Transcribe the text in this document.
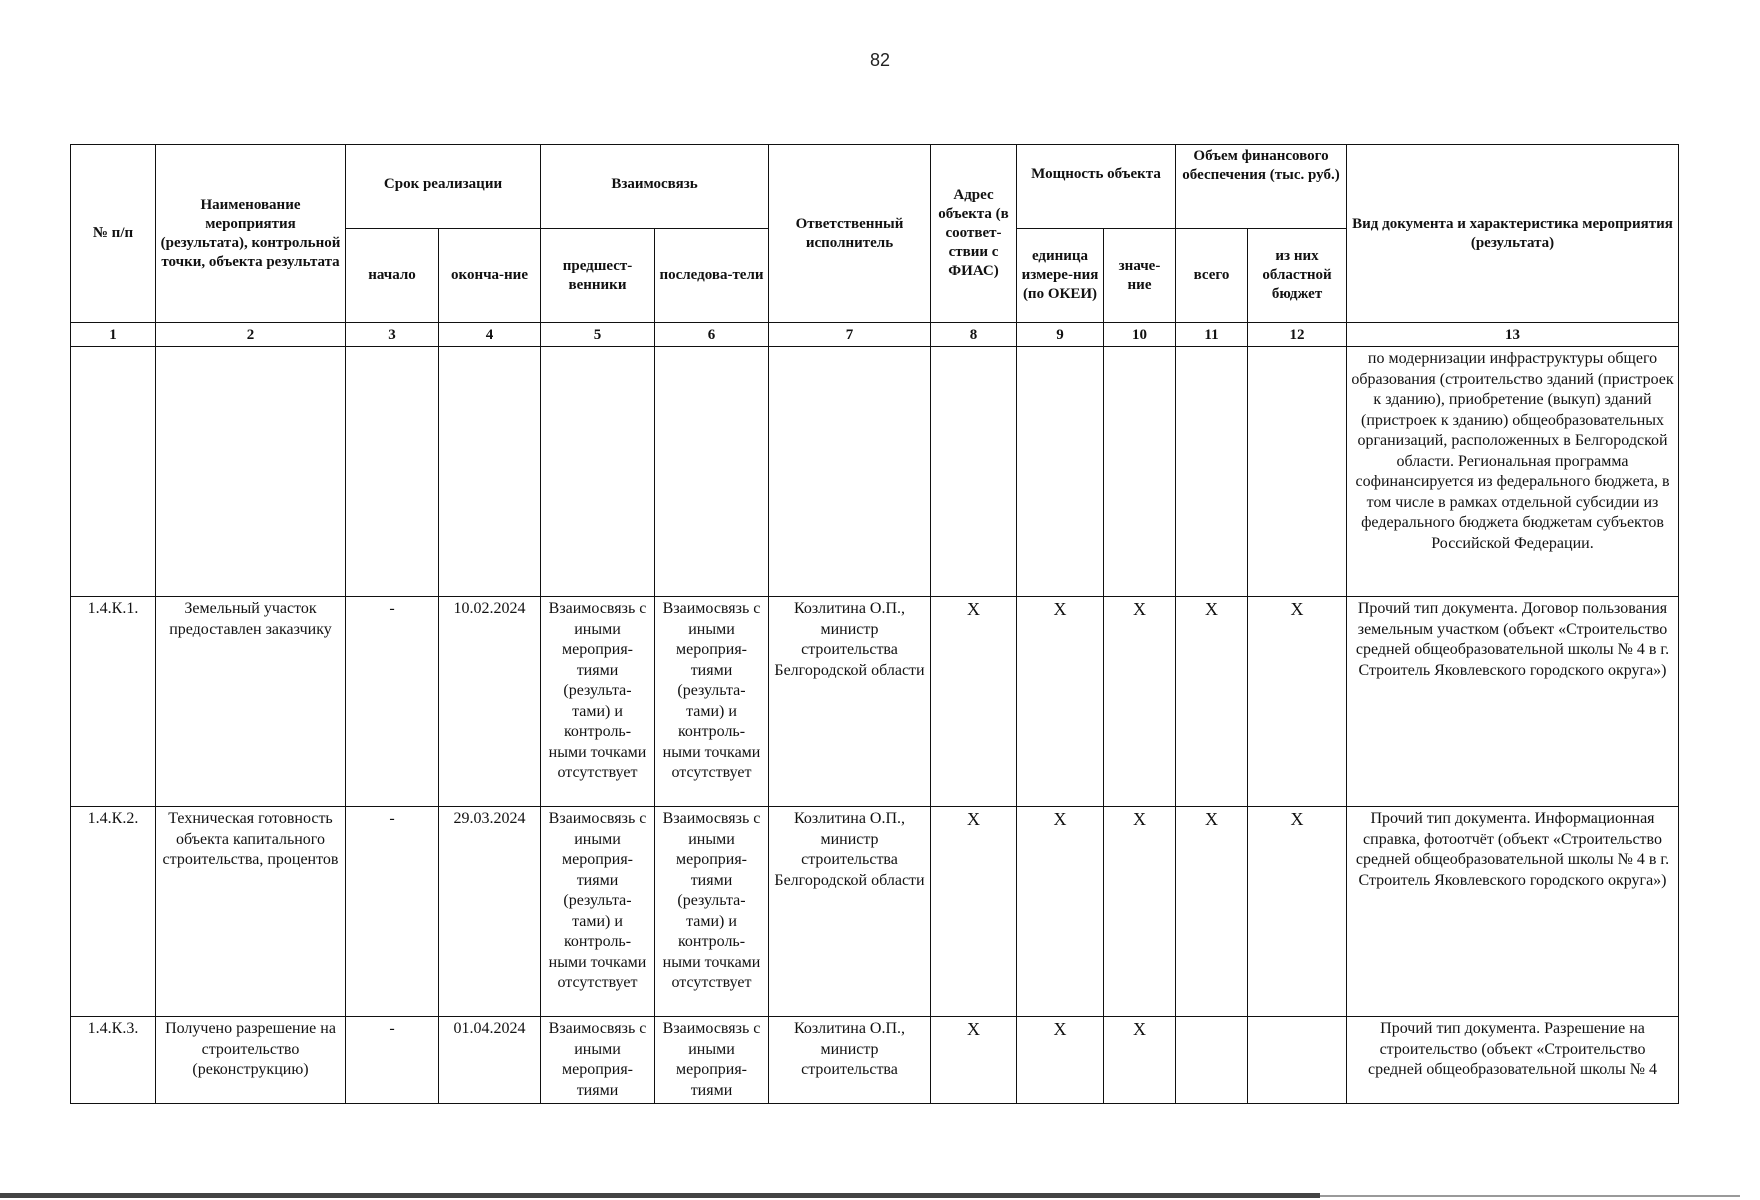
82
№ п/п	Наименование мероприятия (результата), контрольной точки, объекта результата	Срок реализации		Взаимосвязь		Ответственный исполнитель	Адрес объекта (в соответ-ствии с ФИАС)	Мощность объекта		Объем финансового обеспечения (тыс. руб.)		Вид документа и характеристика мероприятия (результата)
		начало	оконча-ние	предшест-венники	последова-тели			единица измере-ния (по ОКЕИ)	значе-ние	всего	из них областной бюджет	
1	2	3	4	5	6	7	8	9	10	11	12	13
												по модернизации инфраструктуры общего образования (строительство зданий (пристроек к зданию), приобретение (выкуп) зданий (пристроек к зданию) общеобразовательных организаций, расположенных в Белгородской области. Региональная программа софинансируется из федерального бюджета, в том числе в рамках отдельной субсидии из федерального бюджета бюджетам субъектов Российской Федерации.
1.4.К.1.	Земельный участок предоставлен заказчику	-	10.02.2024	Взаимосвязь с иными мероприя-тиями (результа-тами) и контроль-ными точками отсутствует	Взаимосвязь с иными мероприя-тиями (результа-тами) и контроль-ными точками отсутствует	Козлитина О.П., министр строительства Белгородской области	X	X	X	X	X	Прочий тип документа. Договор пользования земельным участком (объект «Строительство средней общеобразовательной школы № 4 в г. Строитель Яковлевского городского округа»)
1.4.К.2.	Техническая готовность объекта капитального строительства, процентов	-	29.03.2024	Взаимосвязь с иными мероприя-тиями (результа-тами) и контроль-ными точками отсутствует	Взаимосвязь с иными мероприя-тиями (результа-тами) и контроль-ными точками отсутствует	Козлитина О.П., министр строительства Белгородской области	X	X	X	X	X	Прочий тип документа. Информационная справка, фотоотчёт (объект «Строительство средней общеобразовательной школы № 4 в г. Строитель Яковлевского городского округа»)
1.4.К.3.	Получено разрешение на строительство (реконструкцию)	-	01.04.2024	Взаимосвязь с иными мероприя-тиями	Взаимосвязь с иными мероприя-тиями	Козлитина О.П., министр строительства	X	X	X			Прочий тип документа. Разрешение на строительство (объект «Строительство средней общеобразовательной школы № 4
